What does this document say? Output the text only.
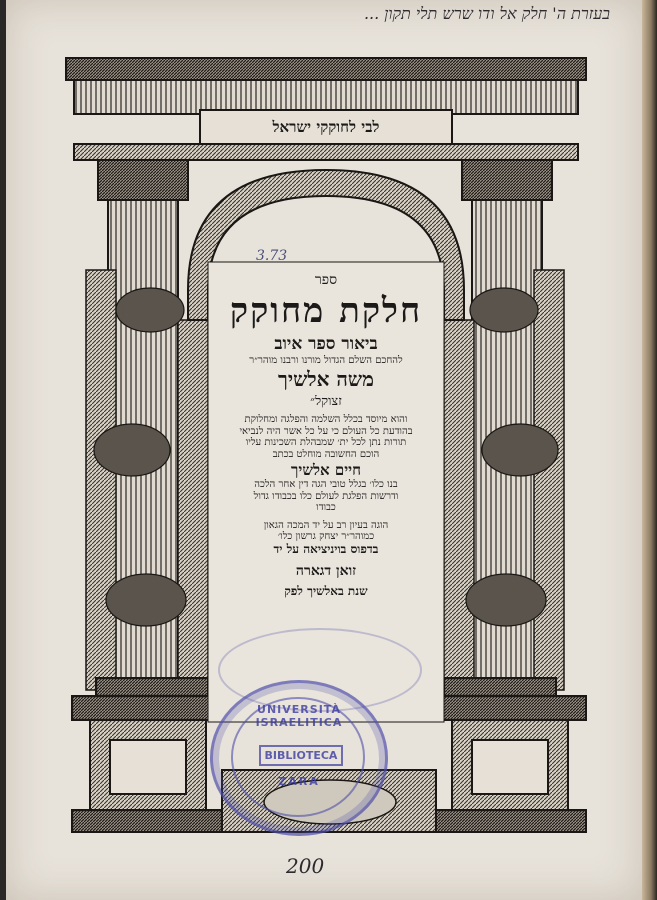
בעזרת ה' חלק אל ודו שרש תלי תקון ...
לבי לחוקקי ישראל
3.73
ספר
חלקת מחוקק
ביאור ספר איוב
להחכם השלם הגדול מורנו ורבנו מוהר״ר
משה אלשיך
זצוקל״
והוא מיוסד בכלל השלמה והפלגה ומחלוקת
בהודעת כל העולם כי על כל אשר היה לנביאי
תורות נתן לכל ית׳ שמבהלת השכינות עליו
הוכם החשובה מוחלט בכתב
חיים אלשיך
בנו כלו׳ בגלל טובי הגה דין אחר הלכה
ודרשות הפלגת לעולם כלו בכבודו גדול
כבודו
הוגה בעיון רב על יד המכה הגאון
כמוהר״ר יצחק גרשון כלו׳
בדפוס בויניציאה על יד
זואן דגארה
שנת באלשיך לפק
UNIVERSITÀ ISRAELITICA
BIBLIOTECA
ZARA
200
